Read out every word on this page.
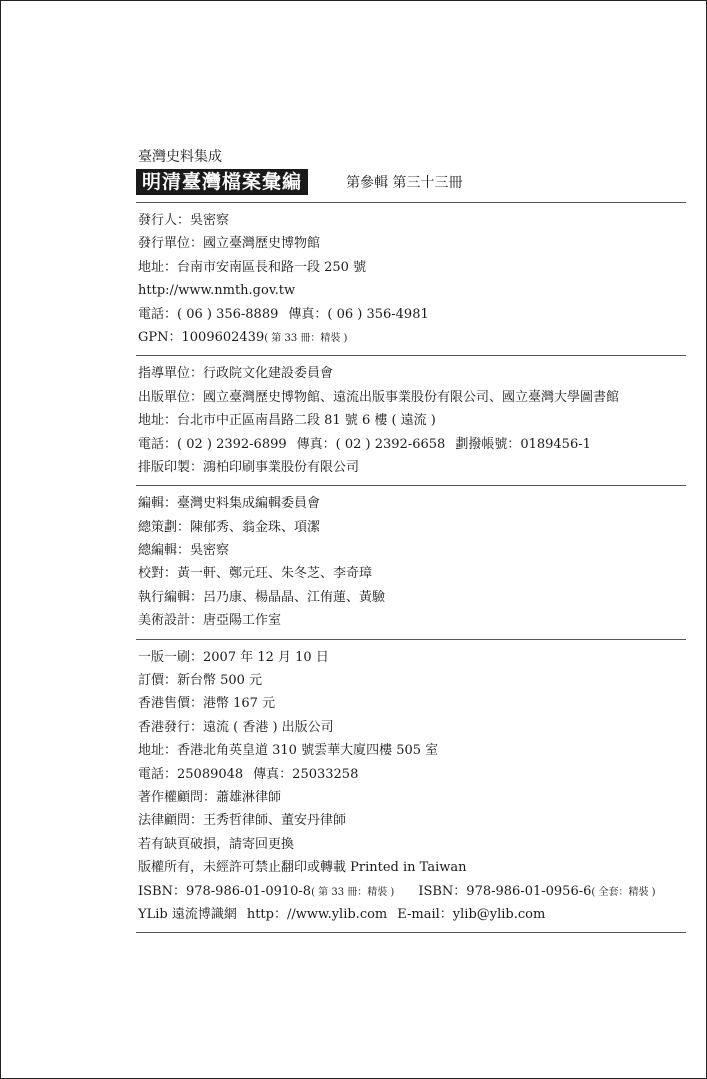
臺灣史料集成
明清臺灣檔案彙編	第參輯 第三十三冊
發行人：吳密察
發行單位：國立臺灣歷史博物館
地址：台南市安南區長和路一段 250 號
http://www.nmth.gov.tw
電話：( 06 ) 356-8889 傳真：( 06 ) 356-4981
GPN：1009602439( 第 33 冊：精裝 )
指導單位：行政院文化建設委員會
出版單位：國立臺灣歷史博物館、遠流出版事業股份有限公司、國立臺灣大學圖書館
地址：台北市中正區南昌路二段 81 號 6 樓 ( 遠流 )
電話：( 02 ) 2392-6899 傳真：( 02 ) 2392-6658 劃撥帳號：0189456-1
排版印製：鴻柏印刷事業股份有限公司
編輯：臺灣史料集成編輯委員會
總策劃：陳郁秀、翁金珠、項潔
總編輯：吳密察
校對：黃一軒、鄭元玨、朱冬芝、李奇璋
執行編輯：呂乃康、楊晶晶、江侑蓮、黃驗
美術設計：唐亞陽工作室
一版一刷：2007 年 12 月 10 日
訂價：新台幣 500 元
香港售價：港幣 167 元
香港發行：遠流 ( 香港 ) 出版公司
地址：香港北角英皇道 310 號雲華大廈四樓 505 室
電話：25089048 傳真：25033258
著作權顧問：蕭雄淋律師
法律顧問：王秀哲律師、董安丹律師
若有缺頁破損，請寄回更換
版權所有，未經許可禁止翻印或轉載 Printed in Taiwan
ISBN：978-986-01-0910-8( 第 33 冊：精裝 ) ISBN：978-986-01-0956-6( 全套：精裝 )
YLib 遠流博識網 http：//www.ylib.com E-mail：ylib@ylib.com
